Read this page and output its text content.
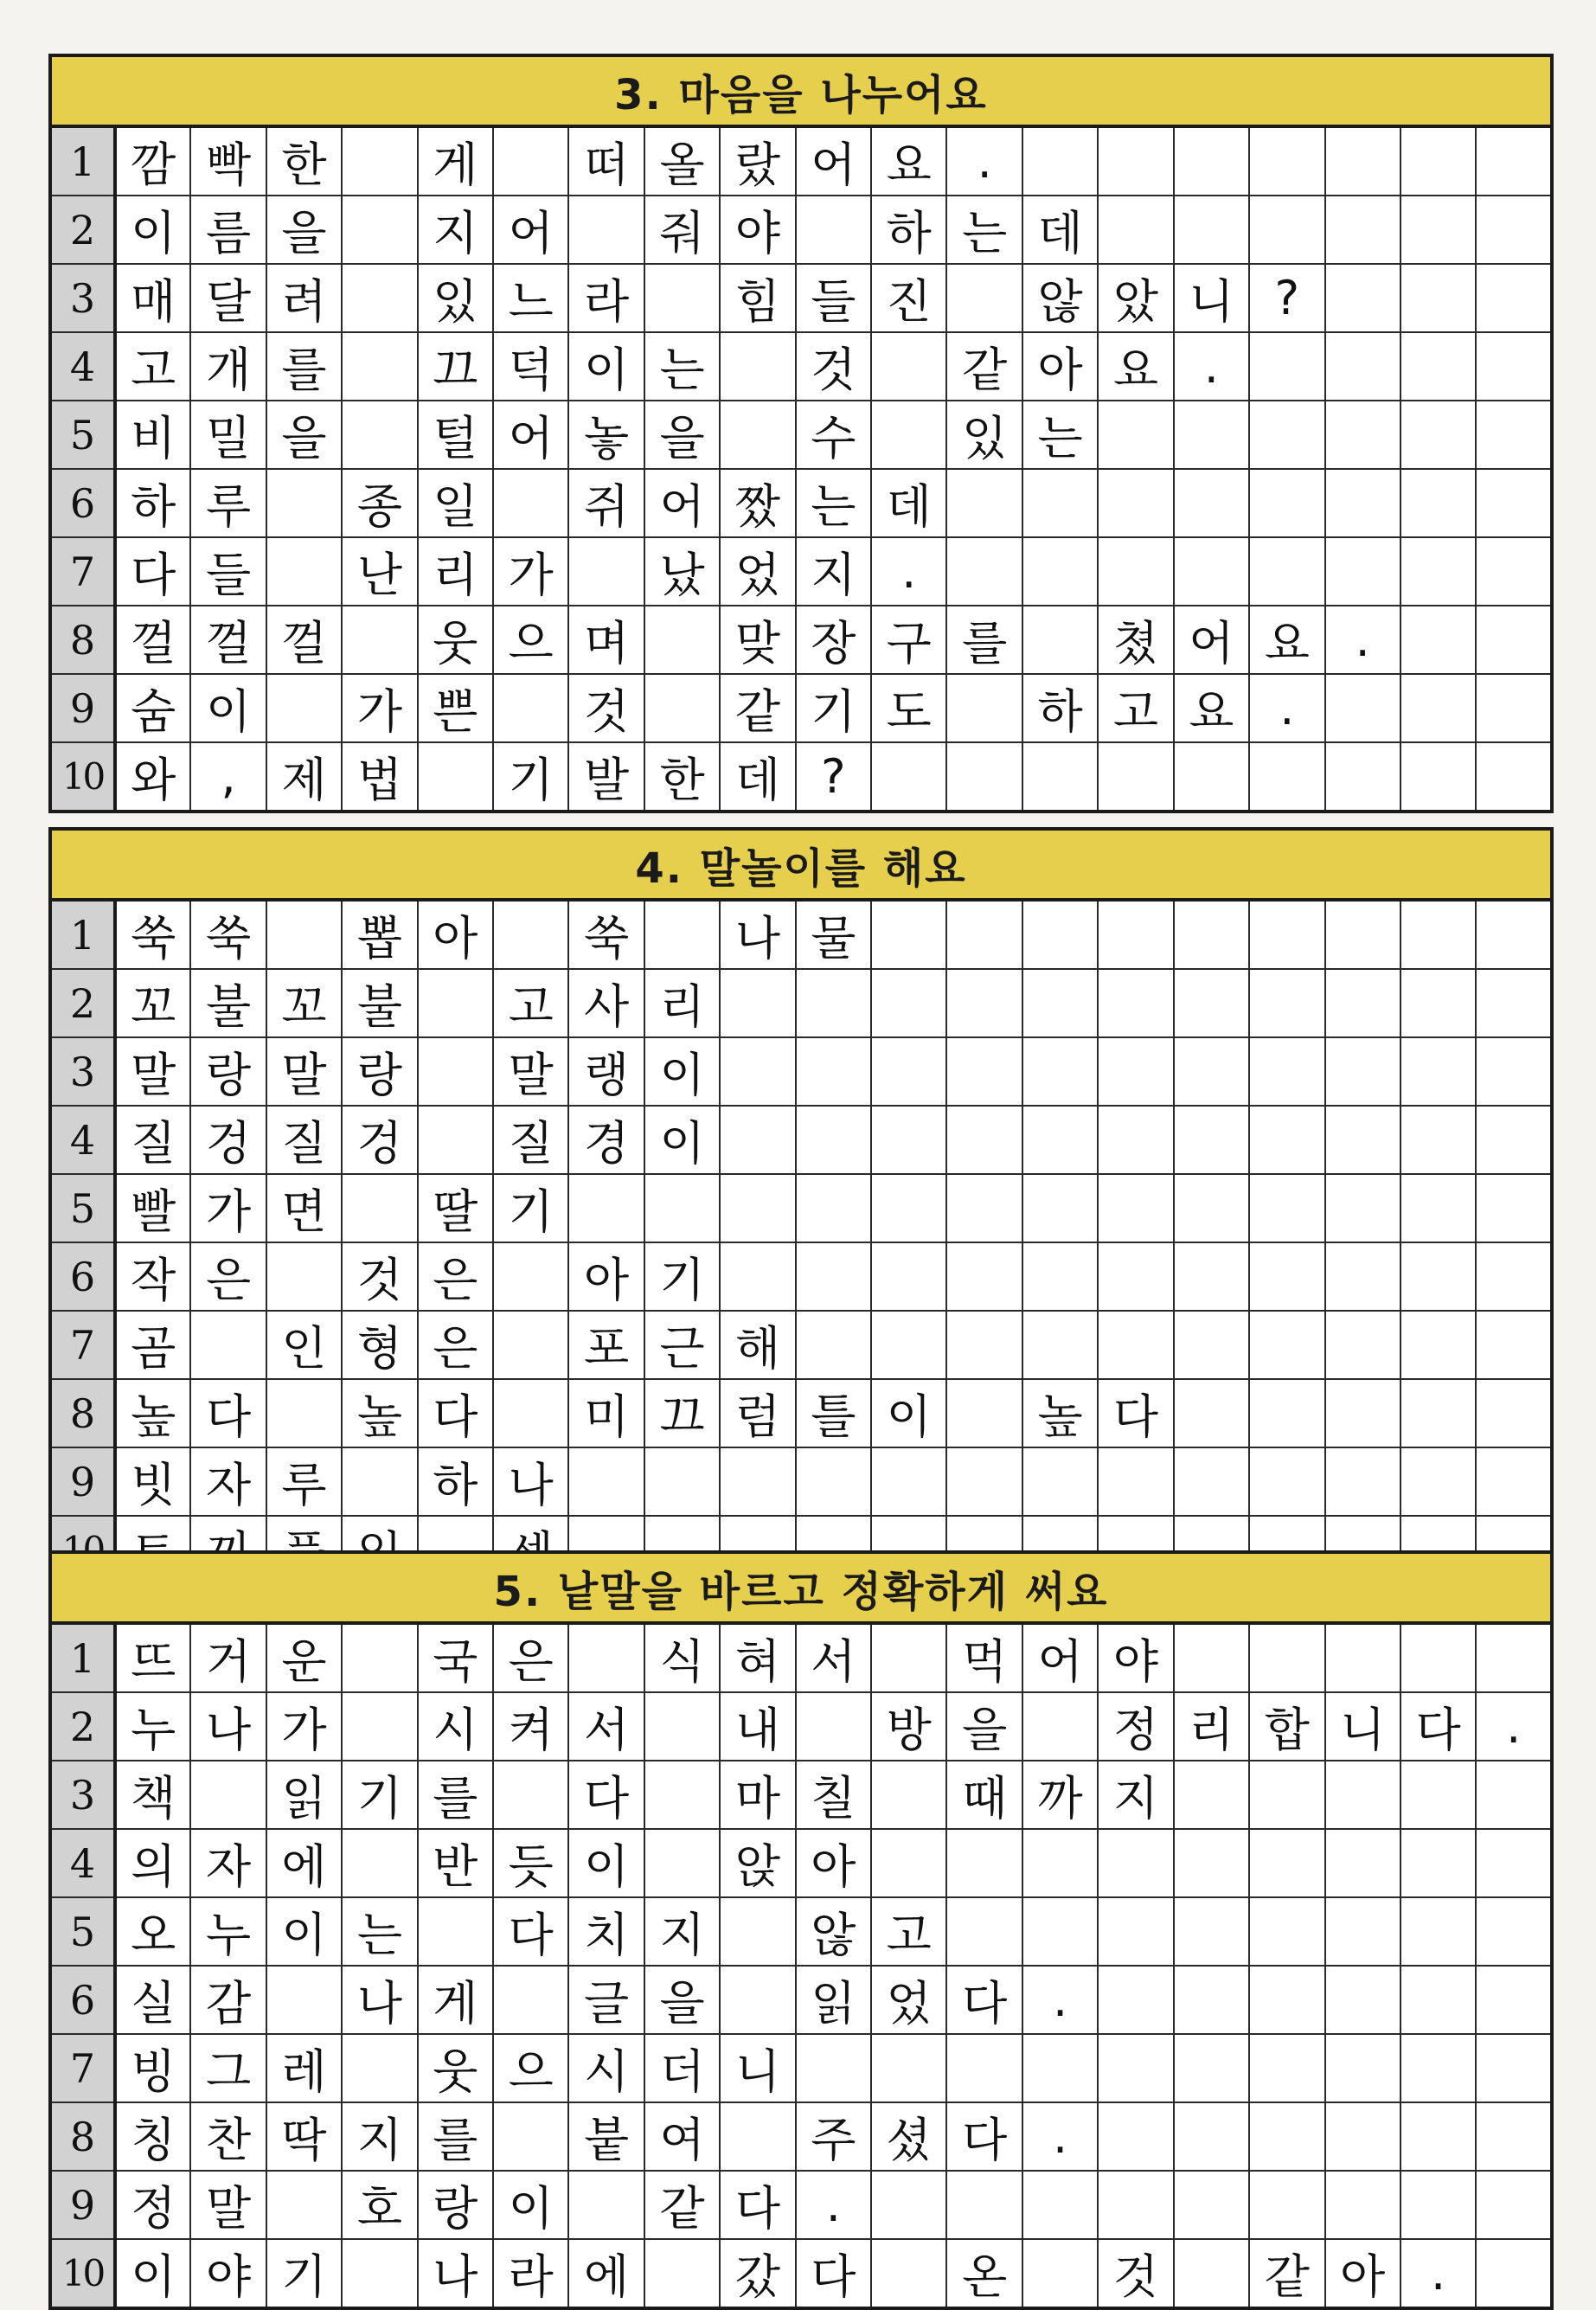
3. 마음을 나누어요
1	깜	빡	한		게		떠	올	랐	어	요	.							
2	이	름	을		지	어		줘	야		하	는	데						
3	매	달	려		있	느	라		힘	들	진		않	았	니	?			
4	고	개	를		끄	덕	이	는		것		같	아	요	.				
5	비	밀	을		털	어	놓	을		수		있	는						
6	하	루		종	일		쥐	어	짰	는	데								
7	다	들		난	리	가		났	었	지	.								
8	껄	껄	껄		웃	으	며		맞	장	구	를		쳤	어	요	.		
9	숨	이		가	쁜		것		같	기	도		하	고	요	.			
10	와	,	제	법		기	발	한	데	?									
4. 말놀이를 해요
1	쑥	쑥		뽑	아		쑥		나	물									
2	꼬	불	꼬	불		고	사	리											
3	말	랑	말	랑		말	랭	이											
4	질	겅	질	겅		질	경	이											
5	빨	가	면		딸	기													
6	작	은		것	은		아	기											
7	곰		인	형	은		포	근	해										
8	높	다		높	다		미	끄	럼	틀	이		높	다					
9	빗	자	루		하	나													

5. 낱말을 바르고 정확하게 써요
1	뜨	거	운		국	은		식	혀	서		먹	어	야					
2	누	나	가		시	켜	서		내		방	을		정	리	합	니	다	.
3	책		읽	기	를		다		마	칠		때	까	지					
4	의	자	에		반	듯	이		앉	아									
5	오	누	이	는		다	치	지		않	고								
6	실	감		나	게		글	을		읽	었	다	.						
7	빙	그	레		웃	으	시	더	니										
8	칭	찬	딱	지	를		붙	여		주	셨	다	.						
9	정	말		호	랑	이		같	다	.									
10	이	야	기		나	라	에		갔	다		온		것		같	아	.	
